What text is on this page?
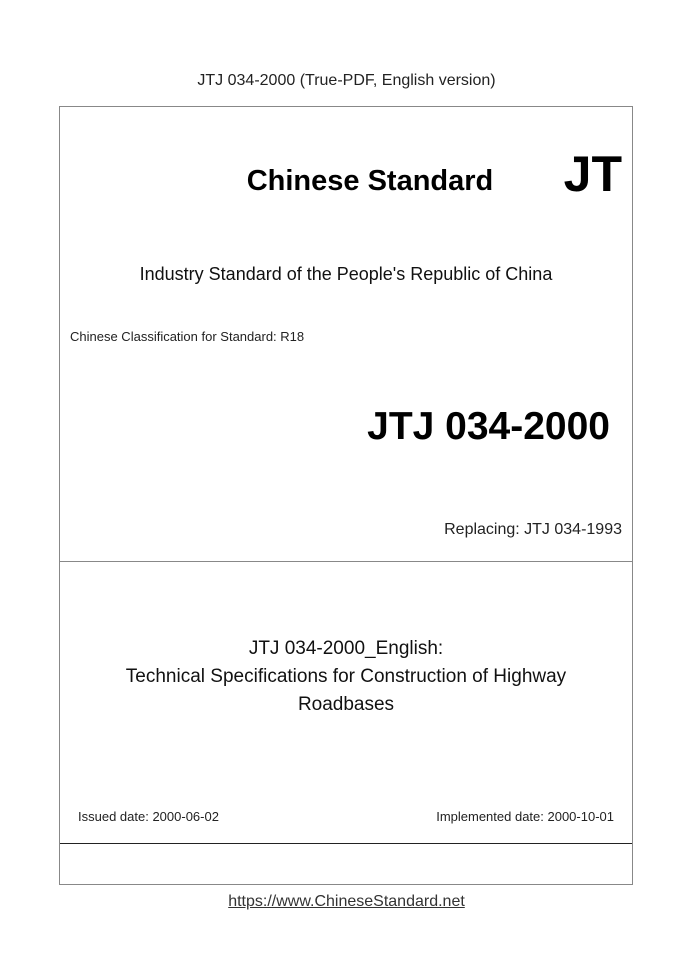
JTJ 034-2000 (True-PDF, English version)
Chinese Standard	JT
Industry Standard of the People's Republic of China
Chinese Classification for Standard: R18
JTJ 034-2000
Replacing: JTJ 034-1993
JTJ 034-2000_English:
Technical Specifications for Construction of Highway
Roadbases
Issued date: 2000-06-02	Implemented date: 2000-10-01
https://www.ChineseStandard.net
